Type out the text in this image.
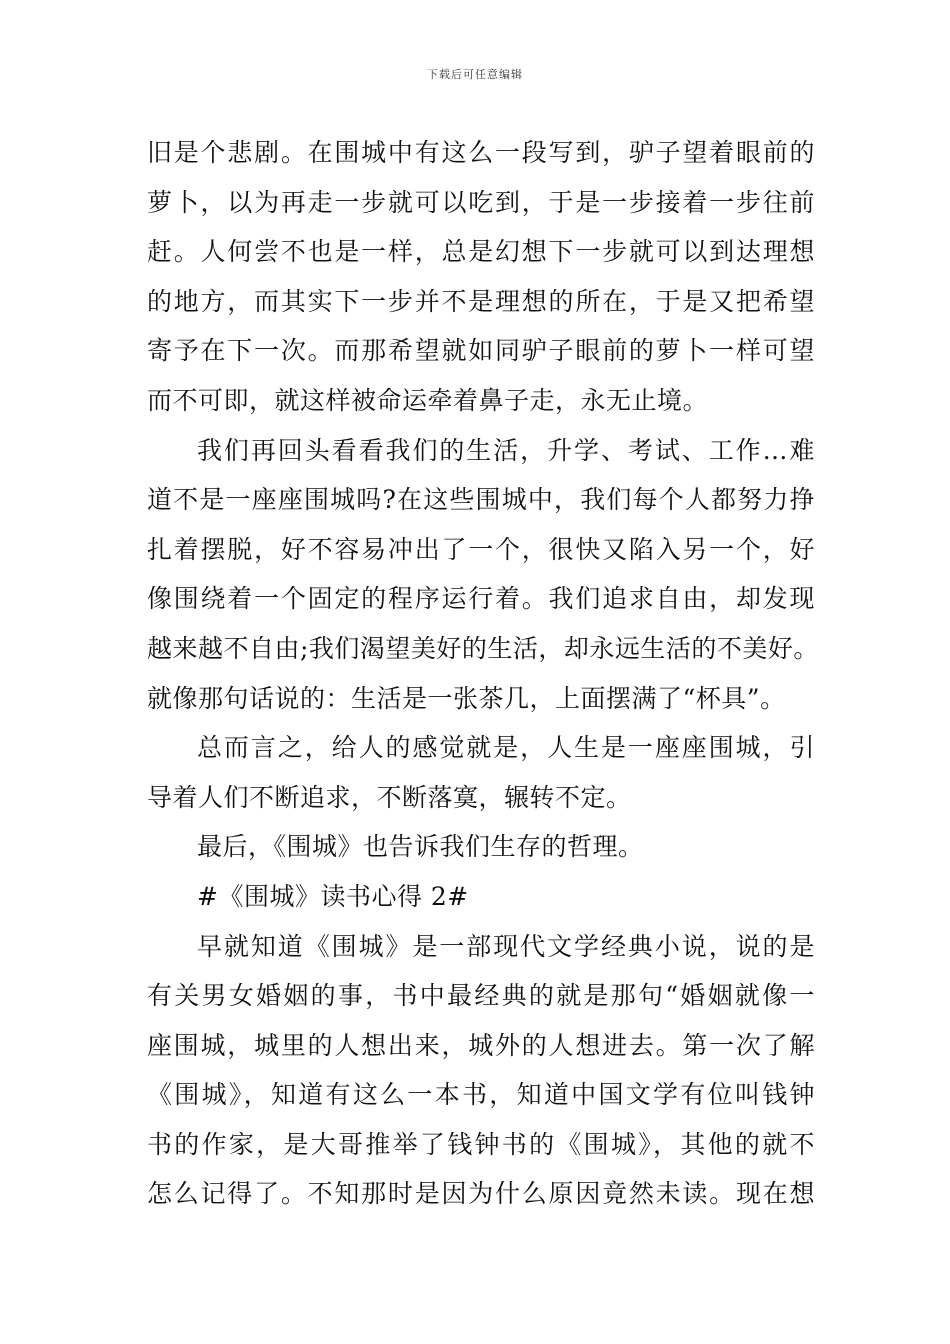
下载后可任意编辑
旧是个悲剧。在围城中有这么一段写到，驴子望着眼前的
萝卜，以为再走一步就可以吃到，于是一步接着一步往前
赶。人何尝不也是一样，总是幻想下一步就可以到达理想
的地方，而其实下一步并不是理想的所在，于是又把希望
寄予在下一次。而那希望就如同驴子眼前的萝卜一样可望
而不可即，就这样被命运牵着鼻子走，永无止境。
我们再回头看看我们的生活，升学、考试、工作…难
道不是一座座围城吗?在这些围城中，我们每个人都努力挣
扎着摆脱，好不容易冲出了一个，很快又陷入另一个，好
像围绕着一个固定的程序运行着。我们追求自由，却发现
越来越不自由;我们渴望美好的生活，却永远生活的不美好。
就像那句话说的：生活是一张茶几，上面摆满了“杯具”。
总而言之，给人的感觉就是，人生是一座座围城，引
导着人们不断追求，不断落寞，辗转不定。
最后，《围城》也告诉我们生存的哲理。
#《围城》读书心得 2#
早就知道《围城》是一部现代文学经典小说，说的是
有关男女婚姻的事，书中最经典的就是那句“婚姻就像一
座围城，城里的人想出来，城外的人想进去。第一次了解
《围城》，知道有这么一本书，知道中国文学有位叫钱钟
书的作家，是大哥推举了钱钟书的《围城》，其他的就不
怎么记得了。不知那时是因为什么原因竟然未读。现在想
